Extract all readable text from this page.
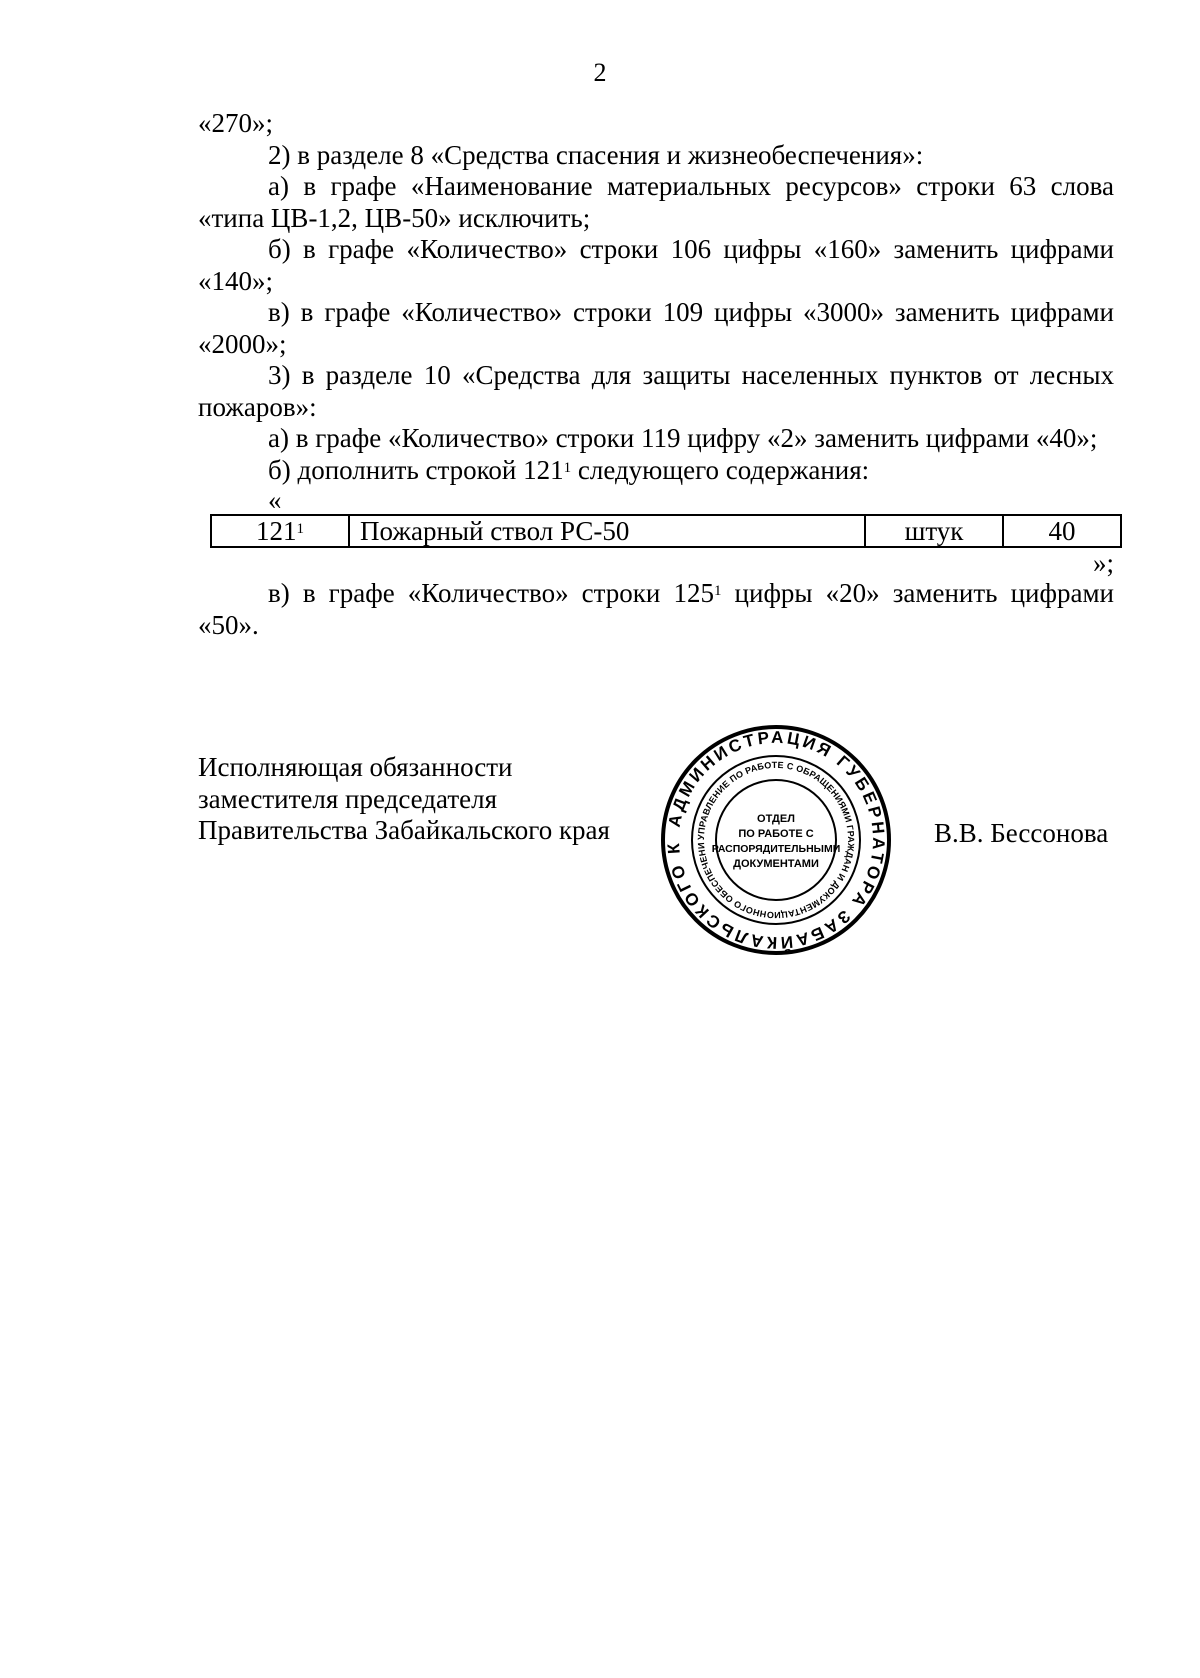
2

«270»;

2) в разделе 8 «Средства спасения и жизнеобеспечения»:

а) в графе «Наименование материальных ресурсов» строки 63 слова «типа ЦВ-1,2, ЦВ-50» исключить;

б) в графе «Количество» строки 106 цифры «160» заменить цифрами «140»;

в) в графе «Количество» строки 109 цифры «3000» заменить цифрами «2000»;

3) в разделе 10 «Средства для защиты населенных пунктов от лесных пожаров»:

а) в графе «Количество» строки 119 цифру «2» заменить цифрами «40»;

б) дополнить строкой $121^1$ следующего содержания:

«
$121^1$	Пожарный ствол РС-50	штук	40
»;

в) в графе «Количество» строки $125^1$ цифры «20» заменить цифрами «50».

Исполняющая обязанности
заместителя председателя
Правительства Забайкальского края	В.В. Бессонова
АДМИНИСТРАЦИЯ ГУБЕРНАТОРА ЗАБАЙКАЛЬСКОГО К
УПРАВЛЕНИЕ ПО РАБОТЕ С ОБРАЩЕНИЯМИ ГРАЖДАН И ДОКУМЕНТАЦИОННОГО ОБЕСПЕЧЕНИ
ОТДЕЛ
ПО РАБОТЕ С
РАСПОРЯДИТЕЛЬНЫМИ
ДОКУМЕНТАМИ
